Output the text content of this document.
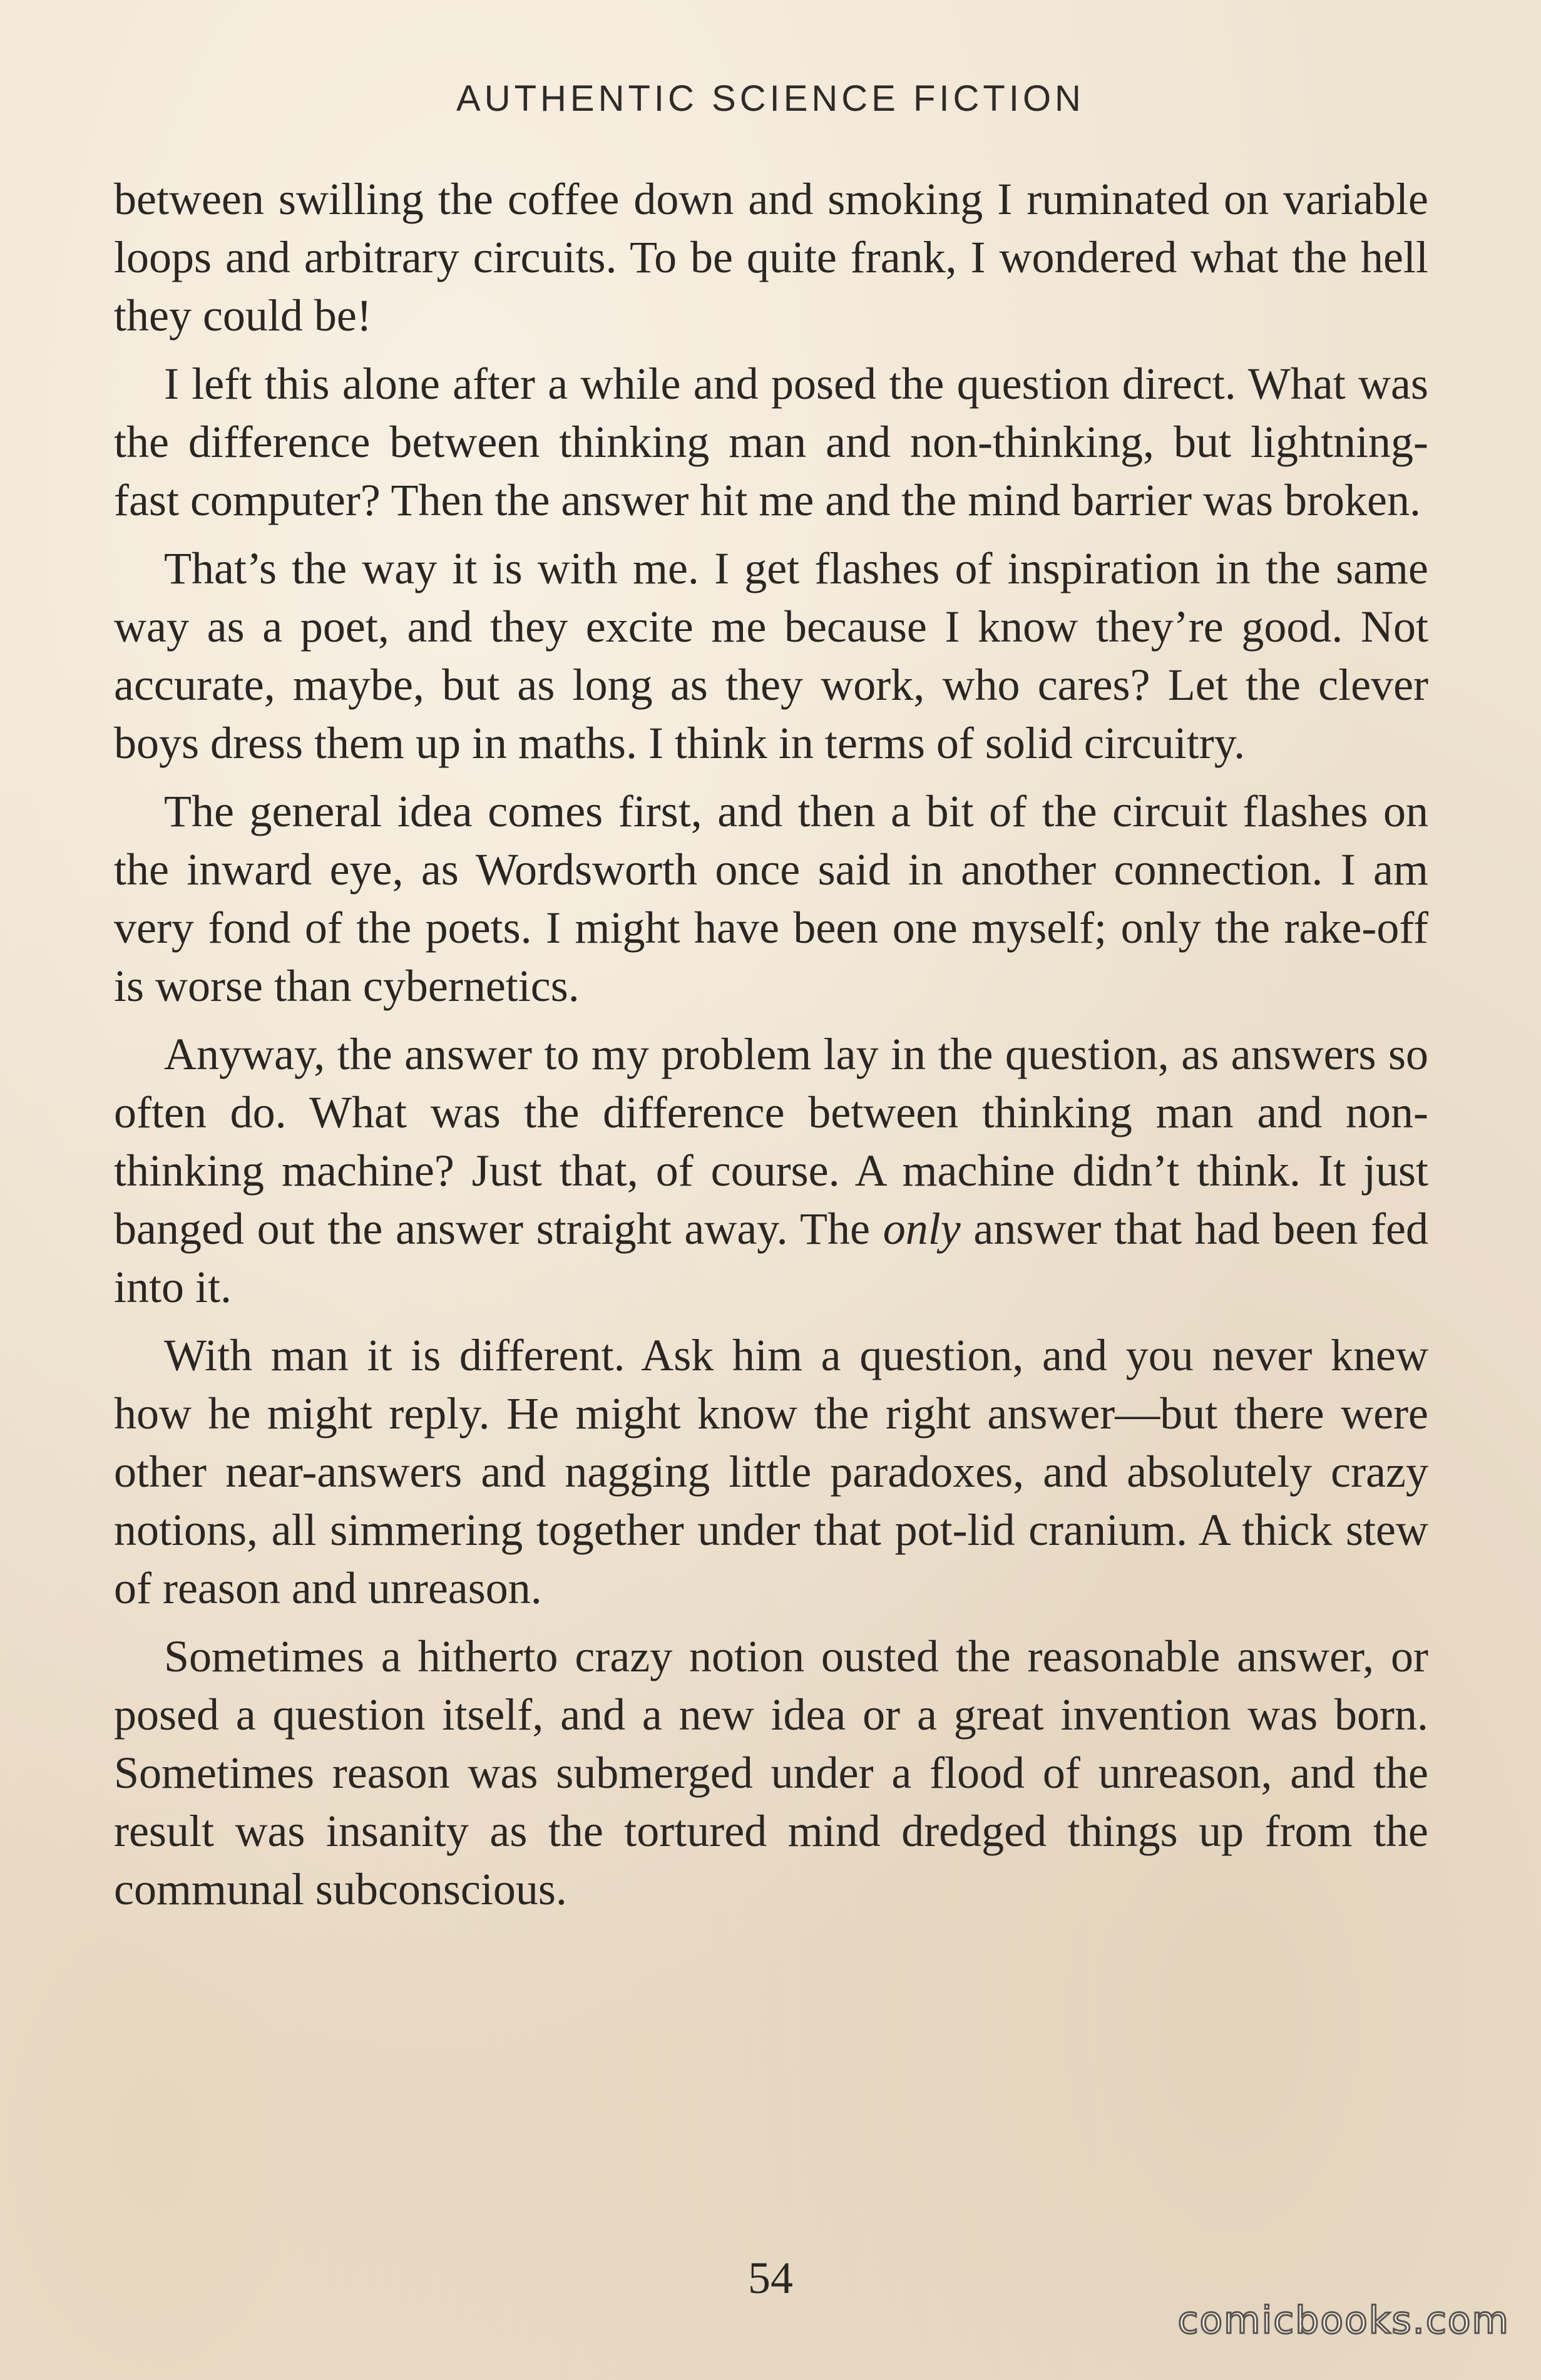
AUTHENTIC SCIENCE FICTION

between swilling the coffee down and smoking I ruminated on variable loops and arbitrary circuits. To be quite frank, I wondered what the hell they could be!

I left this alone after a while and posed the question direct. What was the difference between thinking man and non-thinking, but lightning-fast computer? Then the answer hit me and the mind barrier was broken.

That’s the way it is with me. I get flashes of inspiration in the same way as a poet, and they excite me because I know they’re good. Not accurate, maybe, but as long as they work, who cares? Let the clever boys dress them up in maths. I think in terms of solid circuitry.

The general idea comes first, and then a bit of the circuit flashes on the inward eye, as Wordsworth once said in another connection. I am very fond of the poets. I might have been one myself; only the rake-off is worse than cybernetics.

Anyway, the answer to my problem lay in the question, as answers so often do. What was the difference between thinking man and non-thinking machine? Just that, of course. A machine didn’t think. It just banged out the answer straight away. The only answer that had been fed into it.

With man it is different. Ask him a question, and you never knew how he might reply. He might know the right answer—but there were other near-answers and nagging little paradoxes, and absolutely crazy notions, all simmering together under that pot-lid cranium. A thick stew of reason and unreason.

Sometimes a hitherto crazy notion ousted the reasonable answer, or posed a question itself, and a new idea or a great invention was born. Sometimes reason was submerged under a flood of unreason, and the result was insanity as the tortured mind dredged things up from the communal subconscious.

54
comicbooks.com
